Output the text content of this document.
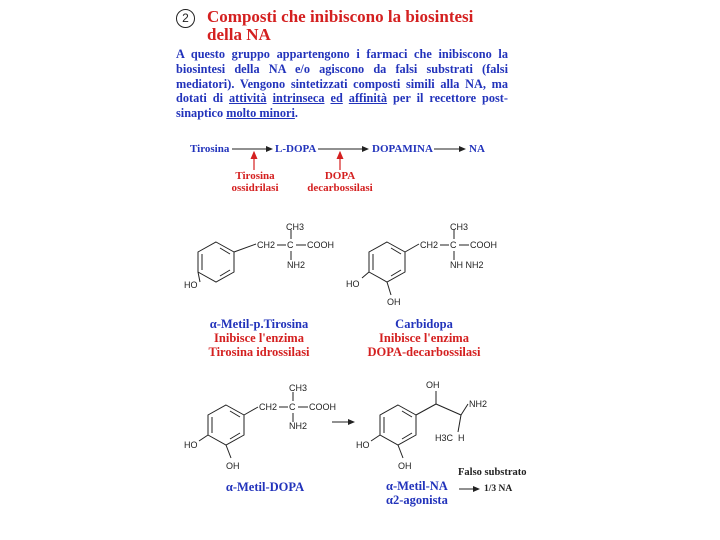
2	Composti che inibiscono la biosintesi
della NA
A questo gruppo appartengono i farmaci che inibiscono la biosintesi della NA e/o agiscono da falsi substrati (falsi mediatori). Vengono sintetizzati composti simili alla NA, ma dotati di attività intrinseca ed affinità per il recettore post-sinaptico molto minori.
Tirosina	L-DOPA	DOPAMINA	NA
Tirosina
ossidrilasi
DOPA
decarbossilasi
CH3
CH2 C COOH
NH2
HO
CH3
CH2 C COOH
NH NH2
HO
OH
CH3
CH2 C COOH
NH2
HO
OH
OH
NH2
H3C H
HO
OH
α-Metil-p.Tirosina
Inibisce l'enzima
Tirosina idrossilasi
Carbidopa
Inibisce l'enzima
DOPA-decarbossilasi
α-Metil-DOPA	α-Metil-NA
α2-agonista
Falso substrato
1/3 NA
